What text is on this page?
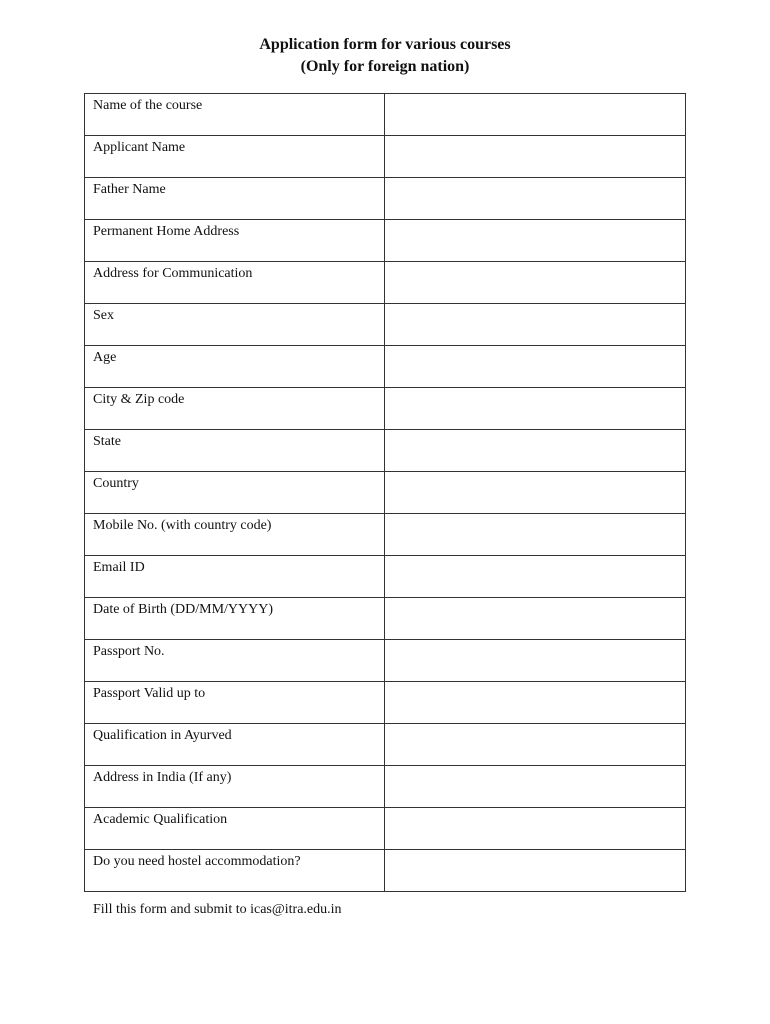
Application form for various courses
(Only for foreign nation)
Name of the course	
Applicant Name	
Father Name	
Permanent Home Address	
Address for Communication	
Sex	
Age	
City & Zip code	
State	
Country	
Mobile No. (with country code)	
Email ID	
Date of Birth (DD/MM/YYYY)	
Passport No.	
Passport Valid up to	
Qualification in Ayurved	
Address in India (If any)	
Academic Qualification	
Do you need hostel accommodation?	
Fill this form and submit to icas@itra.edu.in
